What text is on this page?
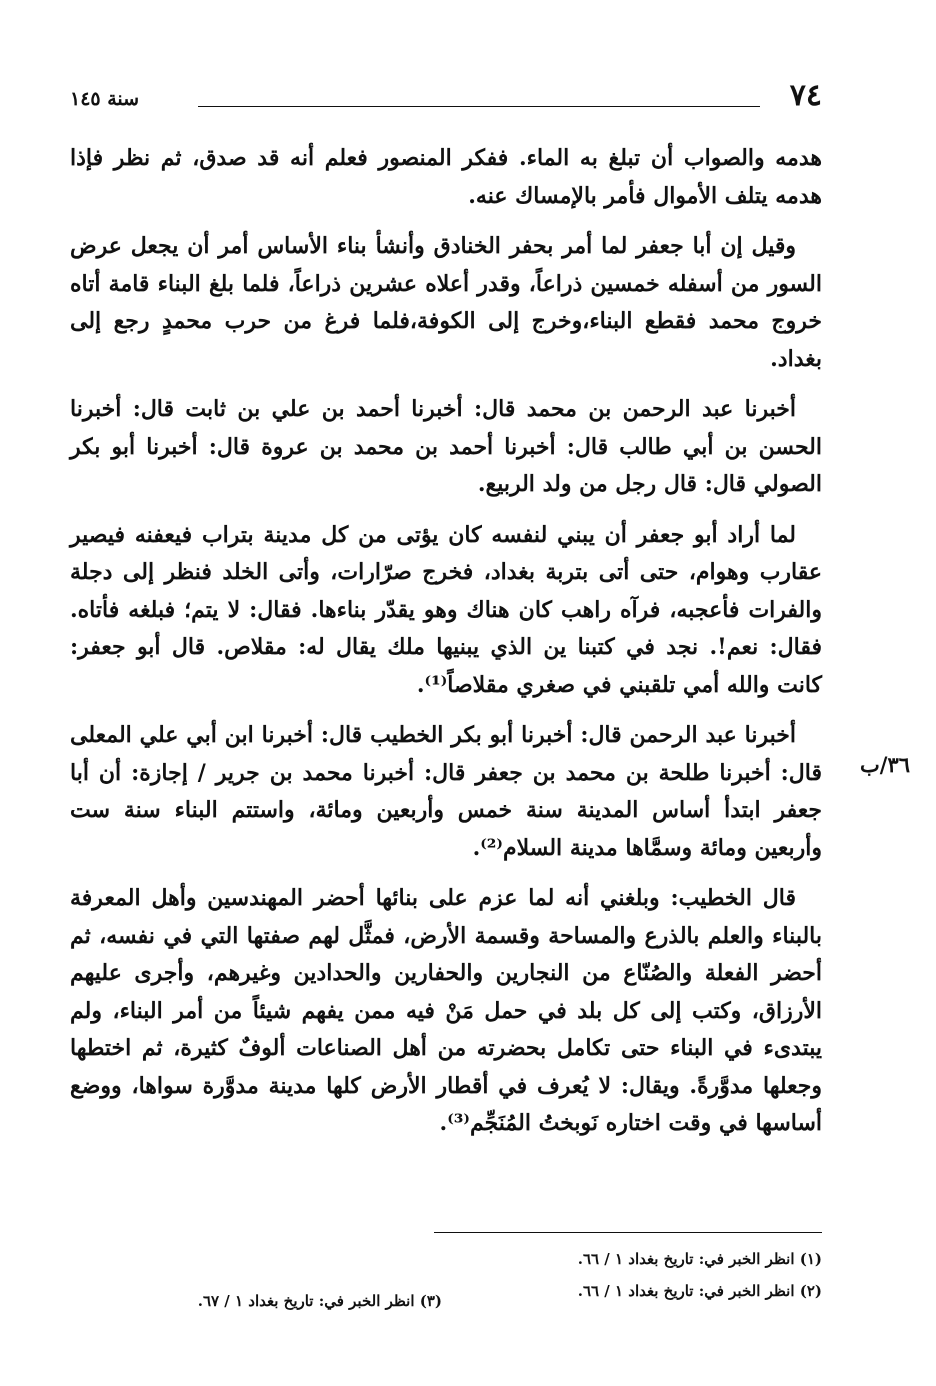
٧٤
سنة ١٤٥

هدمه والصواب أن تبلغ به الماء. ففكر المنصور فعلم أنه قد صدق، ثم نظر فإذا هدمه يتلف الأموال فأمر بالإمساك عنه.

وقيل إن أبا جعفر لما أمر بحفر الخنادق وأنشأ بناء الأساس أمر أن يجعل عرض السور من أسفله خمسين ذراعاً، وقدر أعلاه عشرين ذراعاً، فلما بلغ البناء قامة أتاه خروج محمد فقطع البناء،وخرج إلى الكوفة،فلما فرغ من حرب محمدٍ رجع إلى بغداد.

أخبرنا عبد الرحمن بن محمد قال: أخبرنا أحمد بن علي بن ثابت قال: أخبرنا الحسن بن أبي طالب قال: أخبرنا أحمد بن محمد بن عروة قال: أخبرنا أبو بكر الصولي قال: قال رجل من ولد الربيع.

لما أراد أبو جعفر أن يبني لنفسه كان يؤتى من كل مدينة بتراب فيعفنه فيصير عقارب وهوام، حتى أتى بتربة بغداد، فخرج صرّارات، وأتى الخلد فنظر إلى دجلة والفرات فأعجبه، فرآه راهب كان هناك وهو يقدّر بناءها. فقال: لا يتم؛ فبلغه فأتاه. فقال: نعم!. نجد في كتبنا ين الذي يبنيها ملك يقال له: مقلاص. قال أبو جعفر: كانت والله أمي تلقبني في صغري مقلاصاً⁽¹⁾.

أخبرنا عبد الرحمن قال: أخبرنا أبو بكر الخطيب قال: أخبرنا ابن أبي علي المعلى قال: أخبرنا طلحة بن محمد بن جعفر قال: أخبرنا محمد بن جرير / إجازة: أن أبا جعفر ابتدأ أساس المدينة سنة خمس وأربعين ومائة، واستتم البناء سنة ست وأربعين ومائة وسمَّاها مدينة السلام⁽²⁾.

قال الخطيب: وبلغني أنه لما عزم على بنائها أحضر المهندسين وأهل المعرفة بالبناء والعلم بالذرع والمساحة وقسمة الأرض، فمثَّل لهم صفتها التي في نفسه، ثم أحضر الفعلة والصُنّاع من النجارين والحفارين والحدادين وغيرهم، وأجرى عليهم الأرزاق، وكتب إلى كل بلد في حمل مَنْ فيه ممن يفهم شيئاً من أمر البناء، ولم يبتدىء في البناء حتى تكامل بحضرته من أهل الصناعات ألوفٌ كثيرة، ثم اختطها وجعلها مدوَّرةً. ويقال: لا يُعرف في أقطار الأرض كلها مدينة مدوَّرة سواها، ووضع أساسها في وقت اختاره نَوبختُ المُنَجِّم⁽³⁾.

٣٦/ب
(١) انظر الخبر في: تاريخ بغداد ١ / ٦٦.
(٢) انظر الخبر في: تاريخ بغداد ١ / ٦٦.
(٣) انظر الخبر في: تاريخ بغداد ١ / ٦٧.
